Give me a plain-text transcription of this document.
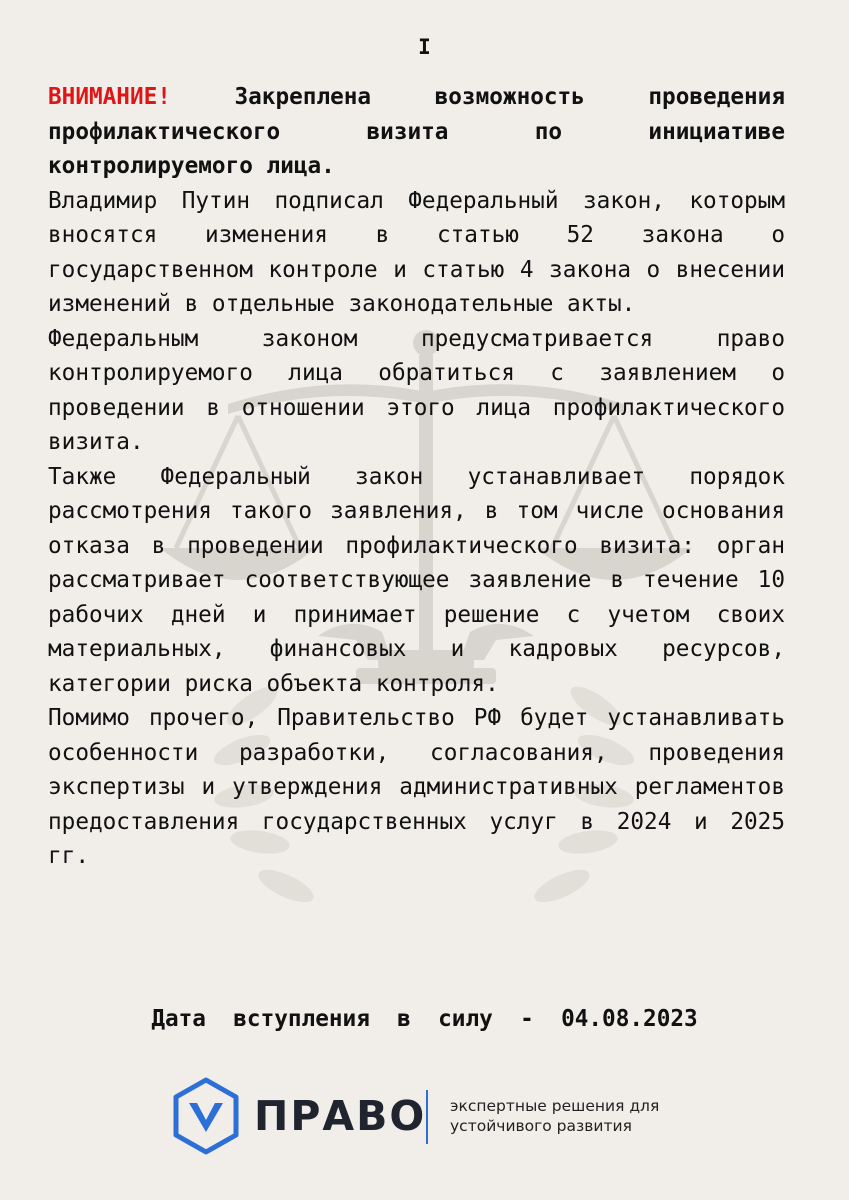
I

ВНИМАНИЕ!	Закреплена возможность проведения профилактического визита по инициативе контролируемого лица.

Владимир Путин подписал Федеральный закон, которым вносятся изменения в статью 52 закона о государственном контроле и статью 4 закона о внесении изменений в отдельные законодательные акты.

Федеральным законом предусматривается право контролируемого лица обратиться с заявлением о проведении в отношении этого лица профилактического визита.

Также Федеральный закон устанавливает порядок рассмотрения такого заявления, в том числе основания отказа в проведении профилактического визита: орган рассматривает соответствующее заявление в течение 10 рабочих дней и принимает решение с учетом своих материальных, финансовых и кадровых ресурсов, категории риска объекта контроля.

Помимо прочего, Правительство РФ будет устанавливать особенности разработки, согласования, проведения экспертизы и утверждения административных регламентов предоставления государственных услуг в 2024 и 2025 гг.

Дата  вступления  в  силу  -  04.08.2023
ПРАВО экспертные решения для
устойчивого развития
